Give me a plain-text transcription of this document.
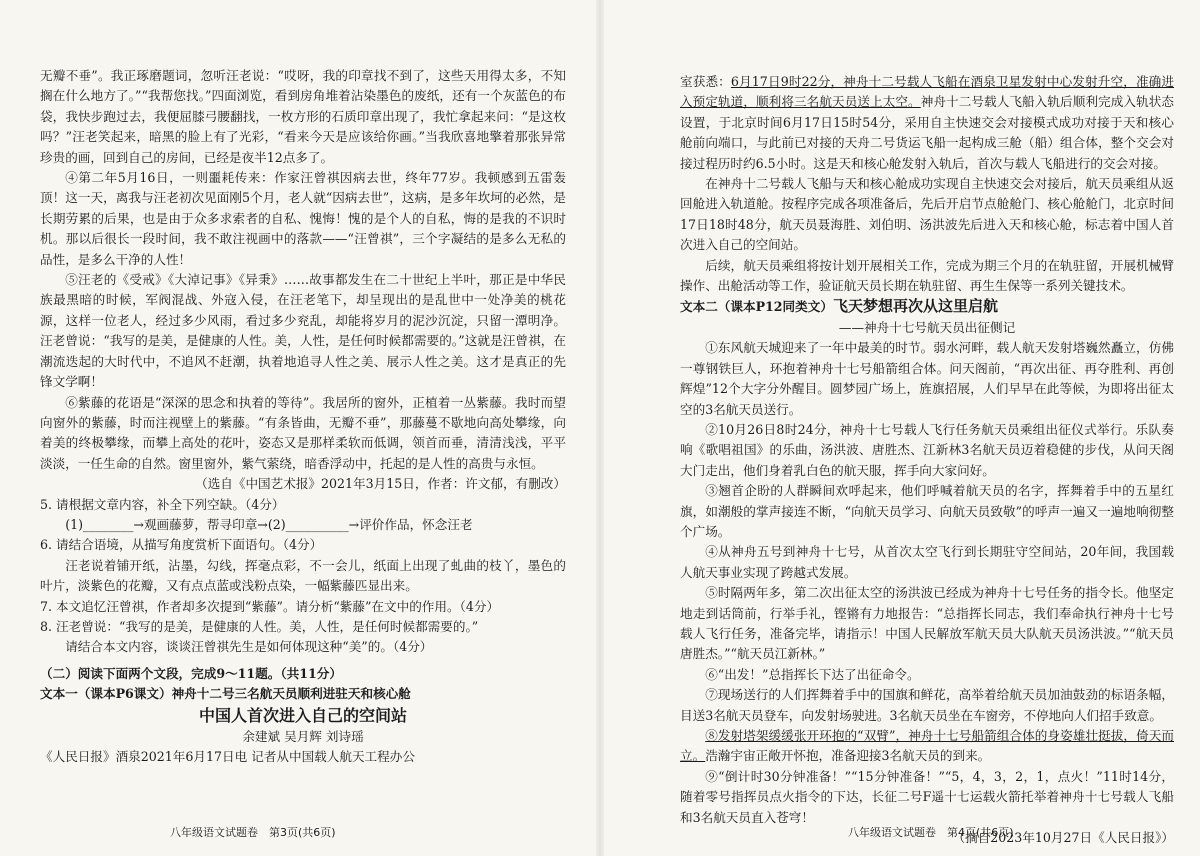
无瓣不垂”。我正琢磨题词，忽听汪老说：“哎呀，我的印章找不到了，这些天用得太多，不知搁在什么地方了。”“我帮您找。”四面浏览，看到房角堆着沾染墨色的废纸，还有一个灰蓝色的布袋，我快步跑过去，我便屈膝弓腰翻找，一枚方形的石质印章出现了，我忙拿起来问：“是这枚吗？”汪老笑起来，暗黑的脸上有了光彩，“看来今天是应该给你画。”当我欣喜地擎着那张异常珍贵的画，回到自己的房间，已经是夜半12点多了。

④第二年5月16日，一则噩耗传来：作家汪曾祺因病去世，终年77岁。我顿感到五雷轰顶！这一天，离我与汪老初次见面刚5个月，老人就“因病去世”，这病，是多年坎坷的必然，是长期劳累的后果，也是由于众多求索者的自私、愧悔！愧的是个人的自私，悔的是我的不识时机。那以后很长一段时间，我不敢注视画中的落款——“汪曾祺”，三个字凝结的是多么无私的品性，是多么干净的人性！

⑤汪老的《受戒》《大淖记事》《异秉》……故事都发生在二十世纪上半叶，那正是中华民族最黑暗的时候，军阀混战、外寇入侵，在汪老笔下，却呈现出的是乱世中一处净美的桃花源，这样一位老人，经过多少风雨，看过多少兖乱，却能将岁月的泥沙沉淀，只留一潭明净。汪老曾说：“我写的是美，是健康的人性。美，人性，是任何时候都需要的。”这就是汪曾祺，在潮流迭起的大时代中，不追风不赶潮，执着地追寻人性之美、展示人性之美。这才是真正的先锋文学啊！

⑥紫藤的花语是“深深的思念和执着的等待”。我居所的窗外，正植着一丛紫藤。我时而望向窗外的紫藤，时而注视壁上的紫藤。“有条皆曲，无瓣不垂”，那藤蔓不歇地向高处攀缘，向着美的终极攀缘，而攀上高处的花叶，姿态又是那样柔软而低调，领首而垂，清清浅浅，平平淡淡，一任生命的自然。窗里窗外，紫气萦绕，暗香浮动中，托起的是人性的高贵与永恒。

（选自《中国艺术报》2021年3月15日，作者：许文郁，有删改）

5. 请根据文章内容，补全下列空缺。（4分）

(1)________→观画藤萝，帮寻印章→(2)__________→评价作品，怀念汪老

6. 请结合语境，从描写角度赏析下面语句。（4分）

汪老说着铺开纸，沾墨，勾线，挥毫点彩，不一会儿，纸面上出现了虬曲的枝丫，墨色的叶片，淡紫色的花瓣，又有点点蓝或浅粉点染，一幅紫藤匹显出来。

7. 本文追忆汪曾祺，作者却多次提到“紫藤”。请分析“紫藤”在文中的作用。（4分）

8. 汪老曾说：“我写的是美，是健康的人性。美，人性，是任何时候都需要的。”

请结合本文内容，谈谈汪曾祺先生是如何体现这种“美”的。（4分）

（二）阅读下面两个文段，完成9～11题。（共11分）

文本一（课本P6课文）神舟十二号三名航天员顺利进驻天和核心舱

中国人首次进入自己的空间站

余建斌 吴月辉 刘诗瑶

《人民日报》酒泉2021年6月17日电 记者从中国载人航天工程办公

八年级语文试题卷　第3页(共6页)

室获悉：6月17日9时22分，神舟十二号载人飞船在酒泉卫星发射中心发射升空，准确进入预定轨道，顺利将三名航天员送上太空。神舟十二号载人飞船入轨后顺利完成入轨状态设置，于北京时间6月17日15时54分，采用自主快速交会对接模式成功对接于天和核心舱前向端口，与此前已对接的天舟二号货运飞船一起构成三舱（船）组合体，整个交会对接过程历时约6.5小时。这是天和核心舱发射入轨后，首次与载人飞船进行的交会对接。

在神舟十二号载人飞船与天和核心舱成功实现自主快速交会对接后，航天员乘组从返回舱进入轨道舱。按程序完成各项准备后，先后开启节点舱舱门、核心舱舱门，北京时间17日18时48分，航天员聂海胜、刘伯明、汤洪波先后进入天和核心舱，标志着中国人首次进入自己的空间站。

后续，航天员乘组将按计划开展相关工作，完成为期三个月的在轨驻留，开展机械臂操作、出舱活动等工作，验证航天员长期在轨驻留、再生生保等一系列关键技术。

文本二（课本P12同类文）飞天梦想再次从这里启航

——神舟十七号航天员出征侧记

①东风航天城迎来了一年中最美的时节。弱水河畔，载人航天发射塔巍然矗立，仿佛一尊钢铁巨人，环抱着神舟十七号船箭组合体。问天阁前，“再次出征、再夺胜利、再创辉煌”12个大字分外醒目。圆梦园广场上，旌旗招展，人们早早在此等候，为即将出征太空的3名航天员送行。

②10月26日8时24分，神舟十七号载人飞行任务航天员乘组出征仪式举行。乐队奏响《歌唱祖国》的乐曲，汤洪波、唐胜杰、江新林3名航天员迈着稳健的步伐，从问天阁大门走出，他们身着乳白色的航天服，挥手向大家问好。

③翘首企盼的人群瞬间欢呼起来，他们呼喊着航天员的名字，挥舞着手中的五星红旗，如潮般的掌声接连不断，“向航天员学习、向航天员致敬”的呼声一遍又一遍地响彻整个广场。

④从神舟五号到神舟十七号，从首次太空飞行到长期驻守空间站，20年间，我国载人航天事业实现了跨越式发展。

⑤时隔两年多，第二次出征太空的汤洪波已经成为神舟十七号任务的指令长。他坚定地走到话筒前，行举手礼，铿锵有力地报告：“总指挥长同志，我们奉命执行神舟十七号载人飞行任务，准备完毕，请指示！中国人民解放军航天员大队航天员汤洪波。”“航天员唐胜杰。”“航天员江新林。”

⑥“出发！”总指挥长下达了出征命令。

⑦现场送行的人们挥舞着手中的国旗和鲜花，高举着给航天员加油鼓劲的标语条幅，目送3名航天员登车，向发射场驶进。3名航天员坐在车窗旁，不停地向人们招手致意。

⑧发射塔架缓缓张开环抱的“双臂”，神舟十七号船箭组合体的身姿雄壮挺拔，倚天而立。浩瀚宇宙正敞开怀抱，准备迎接3名航天员的到来。

⑨“倒计时30分钟准备！”“15分钟准备！”“5，4，3，2，1，点火！”11时14分，随着零号指挥员点火指令的下达，长征二号F遥十七运载火箭托举着神舟十七号载人飞船和3名航天员直入苍穹！

（摘自2023年10月27日《人民日报》）

八年级语文试题卷　第4页(共6页)
